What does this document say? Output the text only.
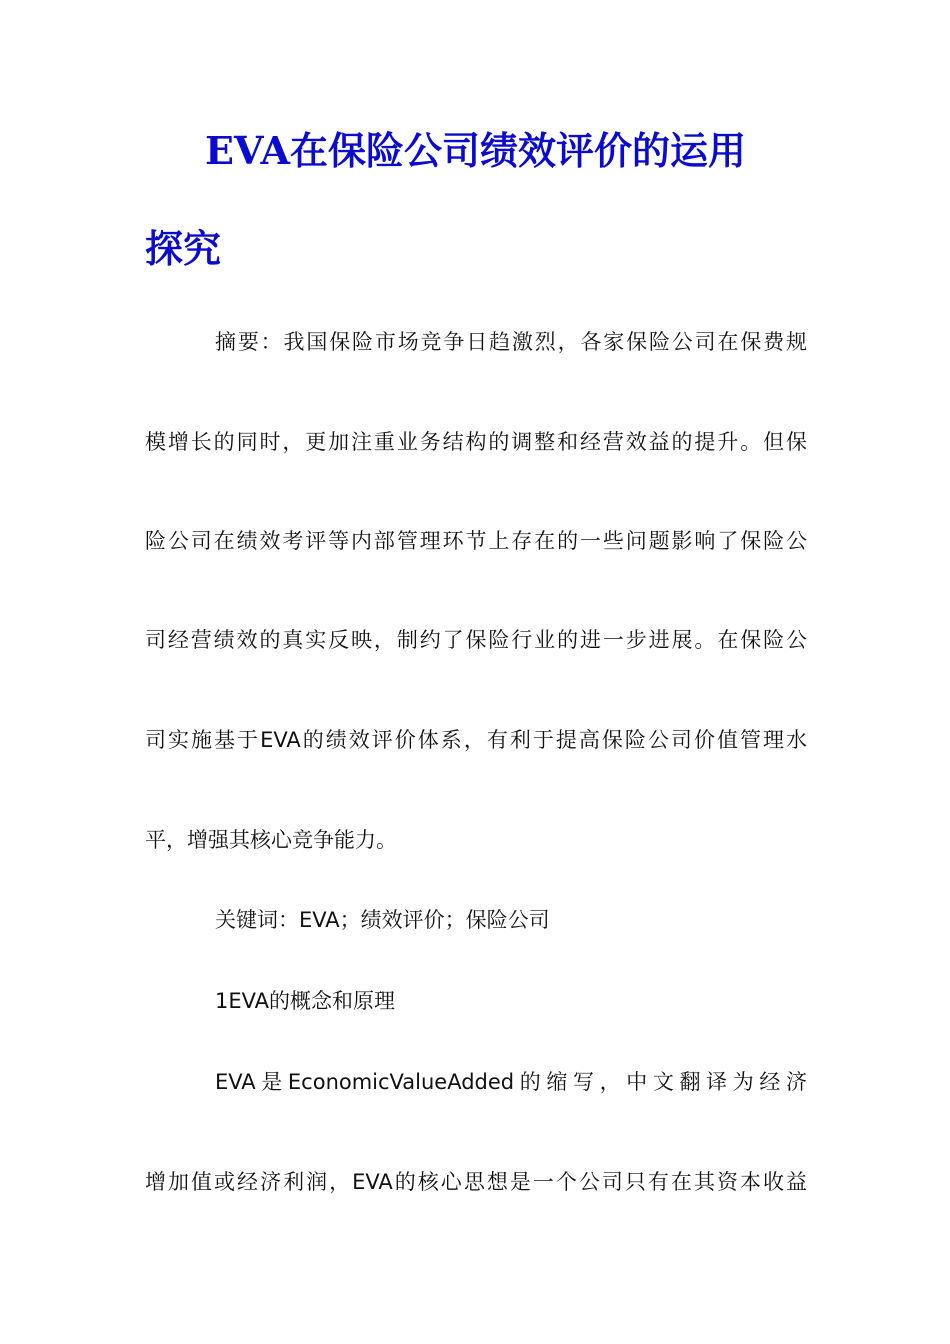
EVA在保险公司绩效评价的运用
探究

摘要：我国保险市场竞争日趋激烈，各家保险公司在保费规

模增长的同时，更加注重业务结构的调整和经营效益的提升。但保

险公司在绩效考评等内部管理环节上存在的一些问题影响了保险公

司经营绩效的真实反映，制约了保险行业的进一步进展。在保险公

司实施基于EVA的绩效评价体系，有利于提高保险公司价值管理水

平，增强其核心竞争能力。

关键词：EVA；绩效评价；保险公司

1EVA的概念和原理

EVA是EconomicValueAdded的缩写，中文翻译为经济

增加值或经济利润，EVA的核心思想是一个公司只有在其资本收益
